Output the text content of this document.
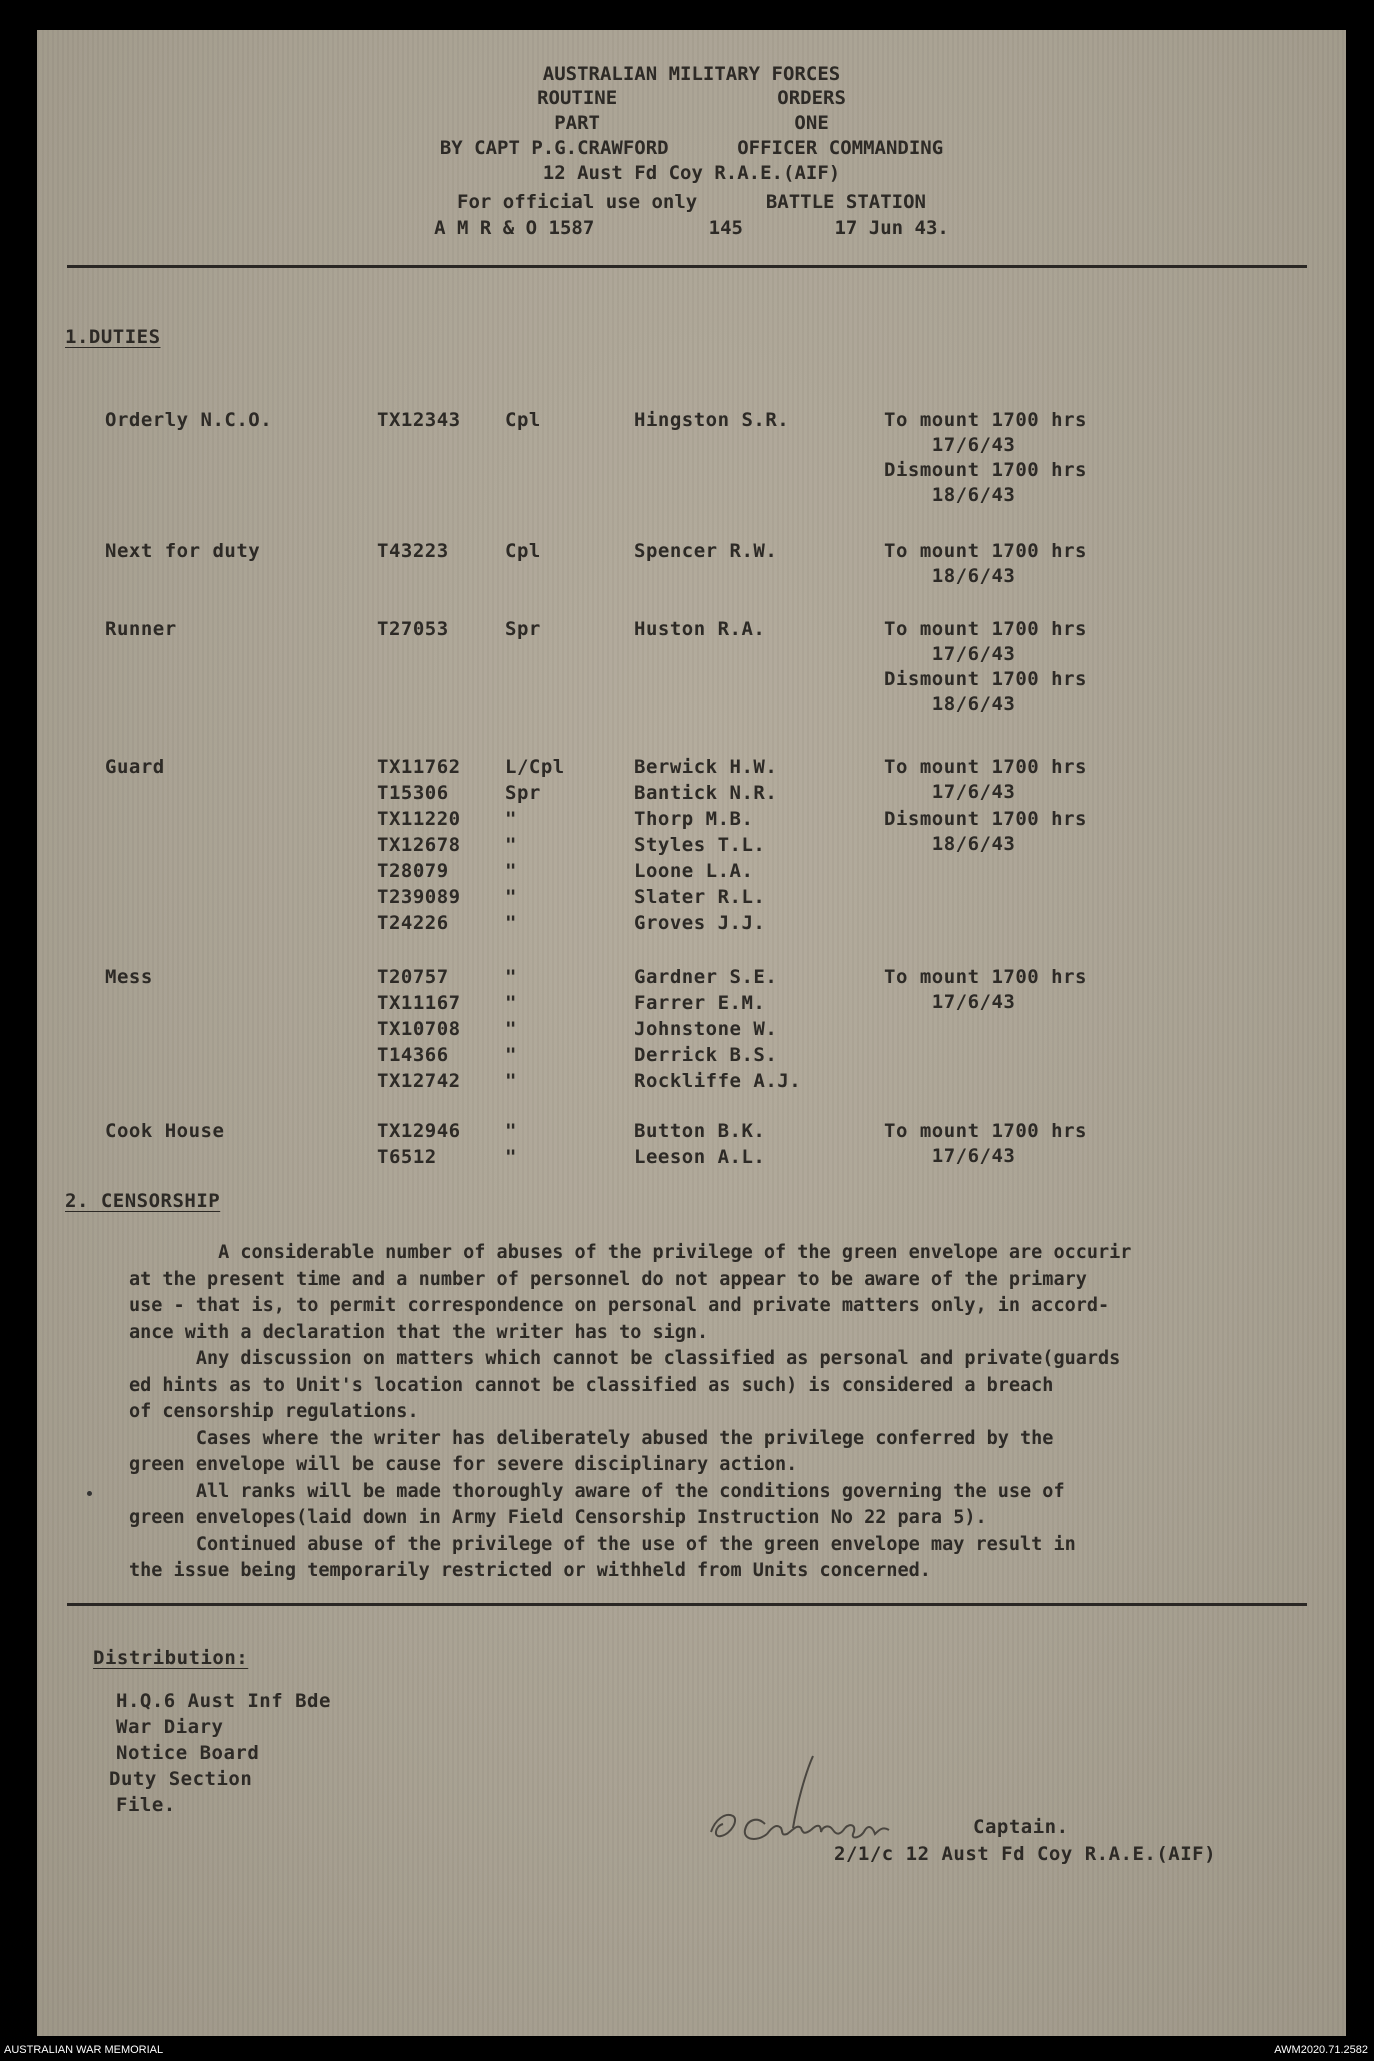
AUSTRALIAN MILITARY FORCES
ROUTINE              ORDERS
PART                 ONE
BY CAPT P.G.CRAWFORD      OFFICER COMMANDING
12 Aust Fd Coy R.A.E.(AIF)
For official use only      BATTLE STATION
A M R & O 1587          145        17 Jun 43.
1.DUTIES
Orderly N.C.O.	TX12343 Cpl	Hingston S.R.	To mount 1700 hrs
17/6/43
Dismount 1700 hrs
18/6/43
Next for duty	T43223	Cpl	Spencer R.W.	To mount 1700 hrs
18/6/43
Runner	T27053	Spr	Huston R.A.	To mount 1700 hrs
17/6/43
Dismount 1700 hrs
18/6/43
Guard	TX11762 L/Cpl	Berwick H.W.	To mount 1700 hrs
17/6/43
T15306	Spr	Bantick N.R.
TX11220 "	Thorp M.B.	Dismount 1700 hrs
18/6/43
TX12678 "	Styles T.L.
T28079	"	Loone L.A.
T239089 "	Slater R.L.
T24226	"	Groves J.J.
Mess	T20757	"	Gardner S.E.	To mount 1700 hrs
17/6/43
TX11167 "	Farrer E.M.
TX10708 "	Johnstone W.
T14366	"	Derrick B.S.
TX12742 "	Rockliffe A.J.
Cook House	TX12946 "	Button B.K.	To mount 1700 hrs
17/6/43
T6512	"	Leeson A.L.
2. CENSORSHIP

A considerable number of abuses of the privilege of the green envelope are occurir

at the present time and a number of personnel do not appear to be aware of the primary

use - that is, to permit correspondence on personal and private matters only, in accord-

ance with a declaration that the writer has to sign.

Any discussion on matters which cannot be classified as personal and private(guards

ed hints as to Unit's location cannot be classified as such) is considered a breach

of censorship regulations.

Cases where the writer has deliberately abused the privilege conferred by the

green envelope will be cause for severe disciplinary action.

All ranks will be made thoroughly aware of the conditions governing the use of

green envelopes(laid down in Army Field Censorship Instruction No 22 para 5).

Continued abuse of the privilege of the use of the green envelope may result in

the issue being temporarily restricted or withheld from Units concerned.

Distribution:
H.Q.6 Aust Inf Bde
War Diary
Notice Board
Duty Section
File.
Captain.
2/1/c 12 Aust Fd Coy R.A.E.(AIF)
AUSTRALIAN WAR MEMORIAL	AWM2020.71.2582
